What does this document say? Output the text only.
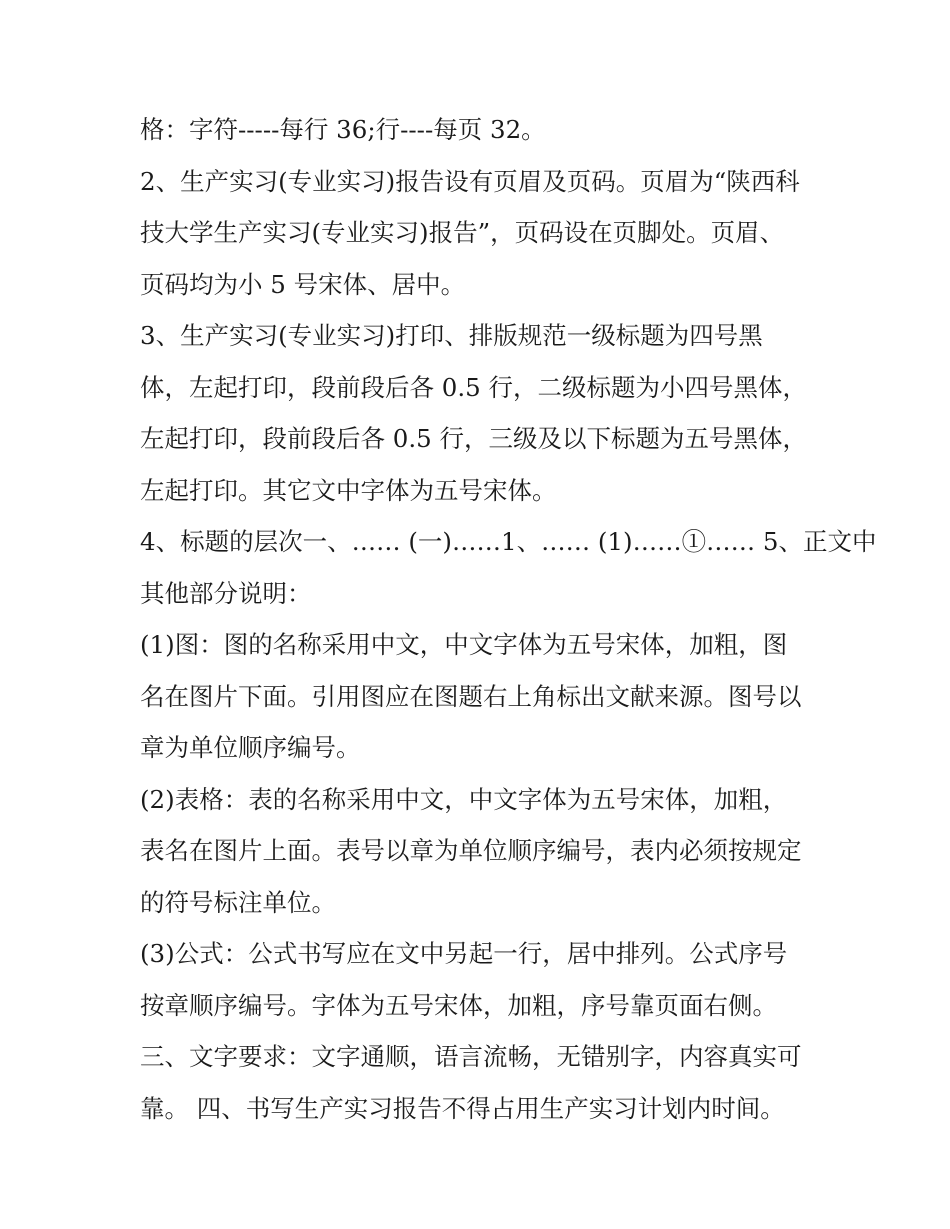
格：字符-----每行 36;行----每页 32。
2、生产实习(专业实习)报告设有页眉及页码。页眉为“陕西科
技大学生产实习(专业实习)报告”，页码设在页脚处。页眉、
页码均为小 5 号宋体、居中。
3、生产实习(专业实习)打印、排版规范一级标题为四号黑
体，左起打印，段前段后各 0.5 行，二级标题为小四号黑体，
左起打印，段前段后各 0.5 行，三级及以下标题为五号黑体，
左起打印。其它文中字体为五号宋体。
4、标题的层次一、…… (一)……1、…… (1)……①…… 5、正文中
其他部分说明：
(1)图：图的名称采用中文，中文字体为五号宋体，加粗，图
名在图片下面。引用图应在图题右上角标出文献来源。图号以
章为单位顺序编号。
(2)表格：表的名称采用中文，中文字体为五号宋体，加粗，
表名在图片上面。表号以章为单位顺序编号，表内必须按规定
的符号标注单位。
(3)公式：公式书写应在文中另起一行，居中排列。公式序号
按章顺序编号。字体为五号宋体，加粗，序号靠页面右侧。
三、文字要求：文字通顺，语言流畅，无错别字，内容真实可
靠。 四、书写生产实习报告不得占用生产实习计划内时间。
